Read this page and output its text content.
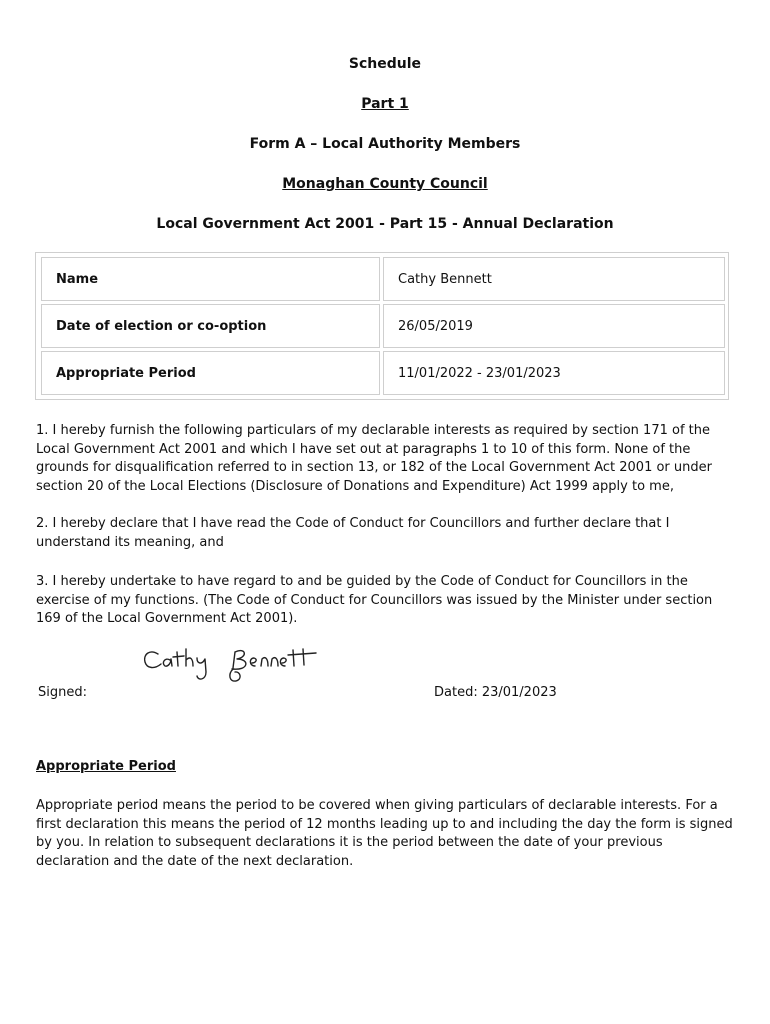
Schedule

Part 1

Form A – Local Authority Members

Monaghan County Council

Local Government Act 2001 - Part 15 - Annual Declaration

Name	Cathy Bennett
Date of election or co-option	26/05/2019
Appropriate Period	11/01/2022 - 23/01/2023

1. I hereby furnish the following particulars of my declarable interests as required by section 171 of the Local Government Act 2001 and which I have set out at paragraphs 1 to 10 of this form. None of the grounds for disqualification referred to in section 13, or 182 of the Local Government Act 2001 or under section 20 of the Local Elections (Disclosure of Donations and Expenditure) Act 1999 apply to me,

2. I hereby declare that I have read the Code of Conduct for Councillors and further declare that I understand its meaning, and

3. I hereby undertake to have regard to and be guided by the Code of Conduct for Councillors in the exercise of my functions. (The Code of Conduct for Councillors was issued by the Minister under section 169 of the Local Government Act 2001).

Signed:	Cathy Bennett	Dated: 23/01/2023
Appropriate Period

Appropriate period means the period to be covered when giving particulars of declarable interests. For a first declaration this means the period of 12 months leading up to and including the day the form is signed by you. In relation to subsequent declarations it is the period between the date of your previous declaration and the date of the next declaration.
